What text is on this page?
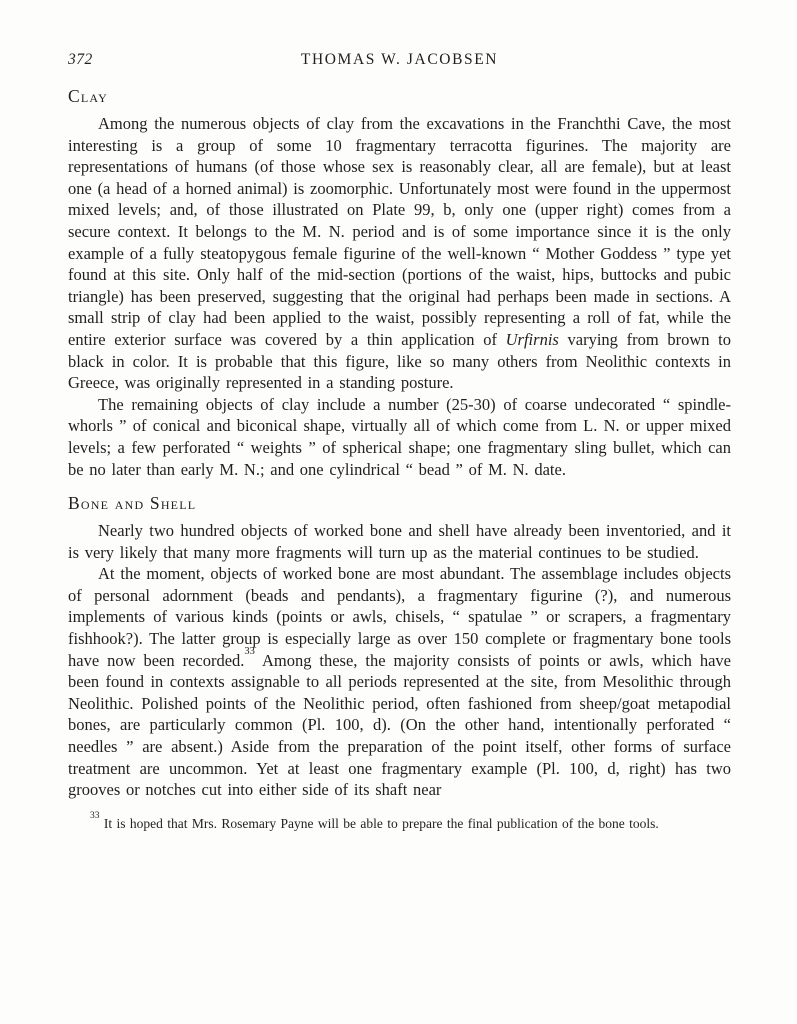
372	THOMAS W. JACOBSEN
Clay

Among the numerous objects of clay from the excavations in the Franchthi Cave, the most interesting is a group of some 10 fragmentary terracotta figurines. The majority are representations of humans (of those whose sex is reasonably clear, all are female), but at least one (a head of a horned animal) is zoomorphic. Unfortunately most were found in the uppermost mixed levels; and, of those illustrated on Plate 99, b, only one (upper right) comes from a secure context. It belongs to the M. N. period and is of some importance since it is the only example of a fully steatopygous female figurine of the well-known “ Mother Goddess ” type yet found at this site. Only half of the mid-section (portions of the waist, hips, buttocks and pubic triangle) has been preserved, suggesting that the original had perhaps been made in sections. A small strip of clay had been applied to the waist, possibly representing a roll of fat, while the entire exterior surface was covered by a thin application of Urfirnis varying from brown to black in color. It is probable that this figure, like so many others from Neolithic contexts in Greece, was originally represented in a standing posture.

The remaining objects of clay include a number (25-30) of coarse undecorated “ spindle-whorls ” of conical and biconical shape, virtually all of which come from L. N. or upper mixed levels; a few perforated “ weights ” of spherical shape; one fragmentary sling bullet, which can be no later than early M. N.; and one cylindrical “ bead ” of M. N. date.

Bone and Shell

Nearly two hundred objects of worked bone and shell have already been inventoried, and it is very likely that many more fragments will turn up as the material continues to be studied.

At the moment, objects of worked bone are most abundant. The assemblage includes objects of personal adornment (beads and pendants), a fragmentary figurine (?), and numerous implements of various kinds (points or awls, chisels, “ spatulae ” or scrapers, a fragmentary fishhook?). The latter group is especially large as over 150 complete or fragmentary bone tools have now been recorded.$^{33}$ Among these, the majority consists of points or awls, which have been found in contexts assignable to all periods represented at the site, from Mesolithic through Neolithic. Polished points of the Neolithic period, often fashioned from sheep/goat metapodial bones, are particularly common (Pl. 100, d). (On the other hand, intentionally perforated “ needles ” are absent.) Aside from the preparation of the point itself, other forms of surface treatment are uncommon. Yet at least one fragmentary example (Pl. 100, d, right) has two grooves or notches cut into either side of its shaft near

$^{33}$ It is hoped that Mrs. Rosemary Payne will be able to prepare the final publication of the bone tools.
